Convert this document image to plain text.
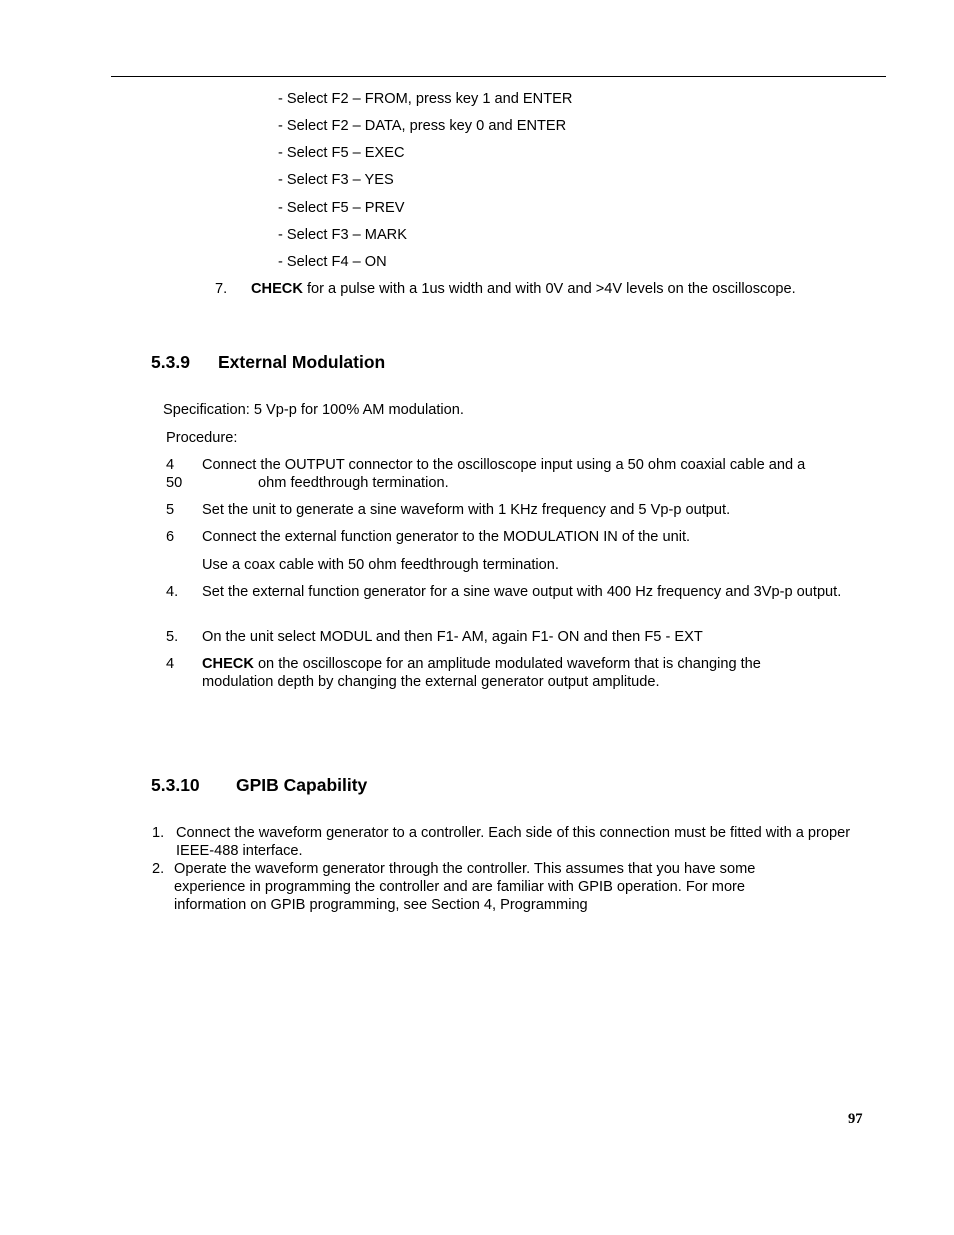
- Select F2 – FROM, press key 1 and ENTER
- Select F2 – DATA, press key 0 and ENTER
- Select F5 – EXEC
- Select F3 – YES
- Select F5 – PREV
- Select F3 – MARK
- Select F4 – ON
7. CHECK for a pulse with a 1us width and with 0V and >4V levels on the oscilloscope.
5.3.9 External Modulation
Specification: 5 Vp-p for 100% AM modulation.
Procedure:
4 Connect the OUTPUT connector to the oscilloscope input using a 50 ohm coaxial cable and a
50	ohm feedthrough termination.
5 Set the unit to generate a sine waveform with 1 KHz frequency and 5 Vp-p output.
6 Connect the external function generator to the MODULATION IN of the unit.
Use a coax cable with 50 ohm feedthrough termination.
4. Set the external function generator for a sine wave output with 400 Hz frequency and 3Vp-p output.
5. On the unit select MODUL and then F1- AM, again F1- ON and then F5 - EXT
4 CHECK on the oscilloscope for an amplitude modulated waveform that is changing the modulation depth by changing the external generator output amplitude.
5.3.10 GPIB Capability
1. Connect the waveform generator to a controller. Each side of this connection must be fitted with a proper IEEE-488 interface.
2. Operate the waveform generator through the controller. This assumes that you have some experience in programming the controller and are familiar with GPIB operation. For more information on GPIB programming, see Section 4, Programming
97
